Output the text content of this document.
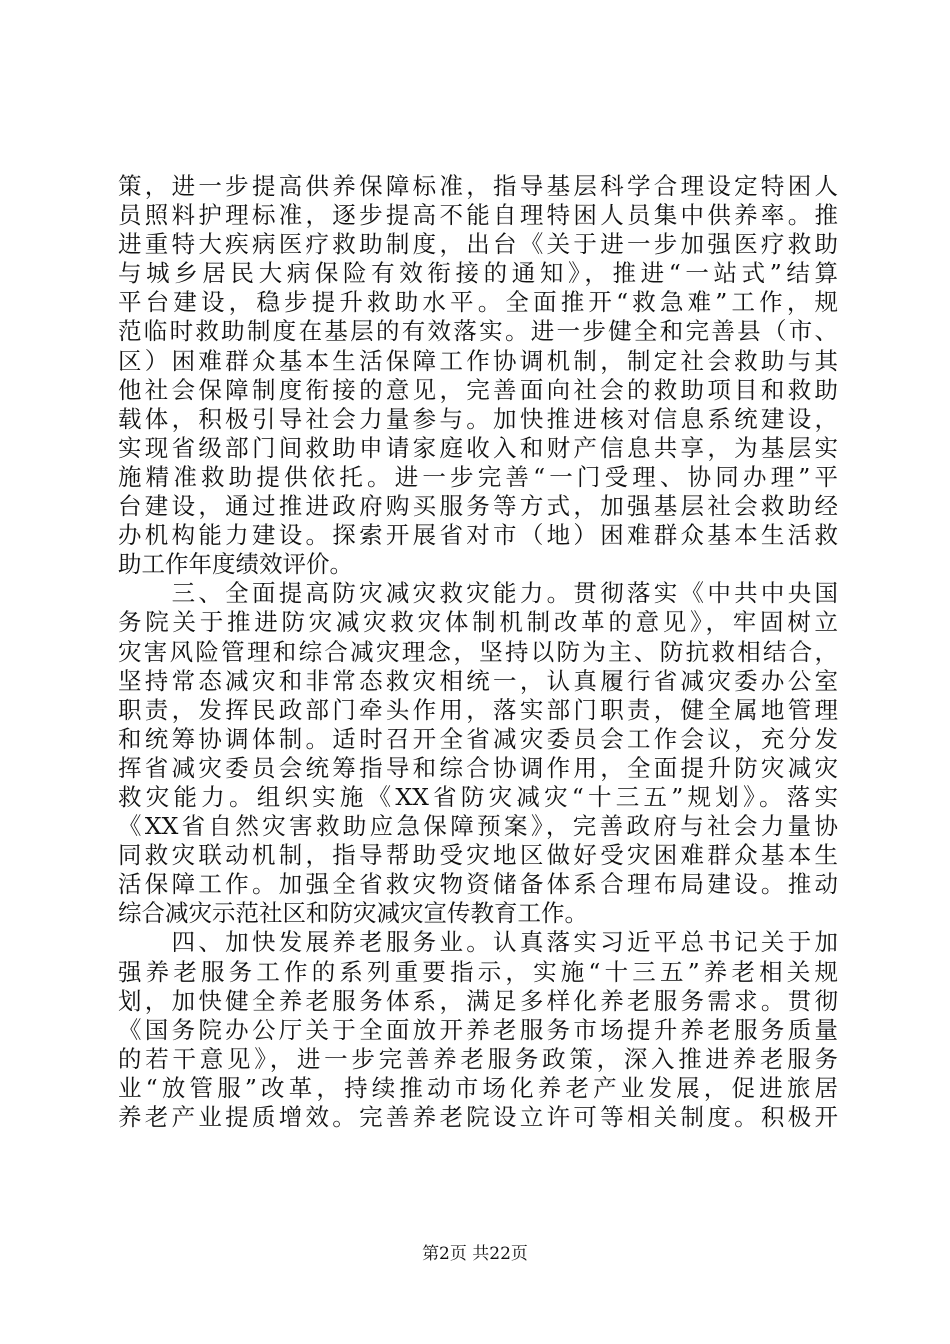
策，进一步提高供养保障标准，指导基层科学合理设定特困人
员照料护理标准，逐步提高不能自理特困人员集中供养率。推
进重特大疾病医疗救助制度，出台《关于进一步加强医疗救助
与城乡居民大病保险有效衔接的通知》，推进“一站式”结算
平台建设，稳步提升救助水平。全面推开“救急难”工作，规
范临时救助制度在基层的有效落实。进一步健全和完善县（市、
区）困难群众基本生活保障工作协调机制，制定社会救助与其
他社会保障制度衔接的意见，完善面向社会的救助项目和救助
载体，积极引导社会力量参与。加快推进核对信息系统建设，
实现省级部门间救助申请家庭收入和财产信息共享，为基层实
施精准救助提供依托。进一步完善“一门受理、协同办理”平
台建设，通过推进政府购买服务等方式，加强基层社会救助经
办机构能力建设。探索开展省对市（地）困难群众基本生活救
助工作年度绩效评价。
　　三、全面提高防灾减灾救灾能力。贯彻落实《中共中央国
务院关于推进防灾减灾救灾体制机制改革的意见》，牢固树立
灾害风险管理和综合减灾理念，坚持以防为主、防抗救相结合，
坚持常态减灾和非常态救灾相统一，认真履行省减灾委办公室
职责，发挥民政部门牵头作用，落实部门职责，健全属地管理
和统筹协调体制。适时召开全省减灾委员会工作会议，充分发
挥省减灾委员会统筹指导和综合协调作用，全面提升防灾减灾
救灾能力。组织实施《XX省防灾减灾“十三五”规划》。落实
《XX省自然灾害救助应急保障预案》，完善政府与社会力量协
同救灾联动机制，指导帮助受灾地区做好受灾困难群众基本生
活保障工作。加强全省救灾物资储备体系合理布局建设。推动
综合减灾示范社区和防灾减灾宣传教育工作。
　　四、加快发展养老服务业。认真落实习近平总书记关于加
强养老服务工作的系列重要指示，实施“十三五”养老相关规
划，加快健全养老服务体系，满足多样化养老服务需求。贯彻
《国务院办公厅关于全面放开养老服务市场提升养老服务质量
的若干意见》，进一步完善养老服务政策，深入推进养老服务
业“放管服”改革，持续推动市场化养老产业发展，促进旅居
养老产业提质增效。完善养老院设立许可等相关制度。积极开
第2页 共22页
